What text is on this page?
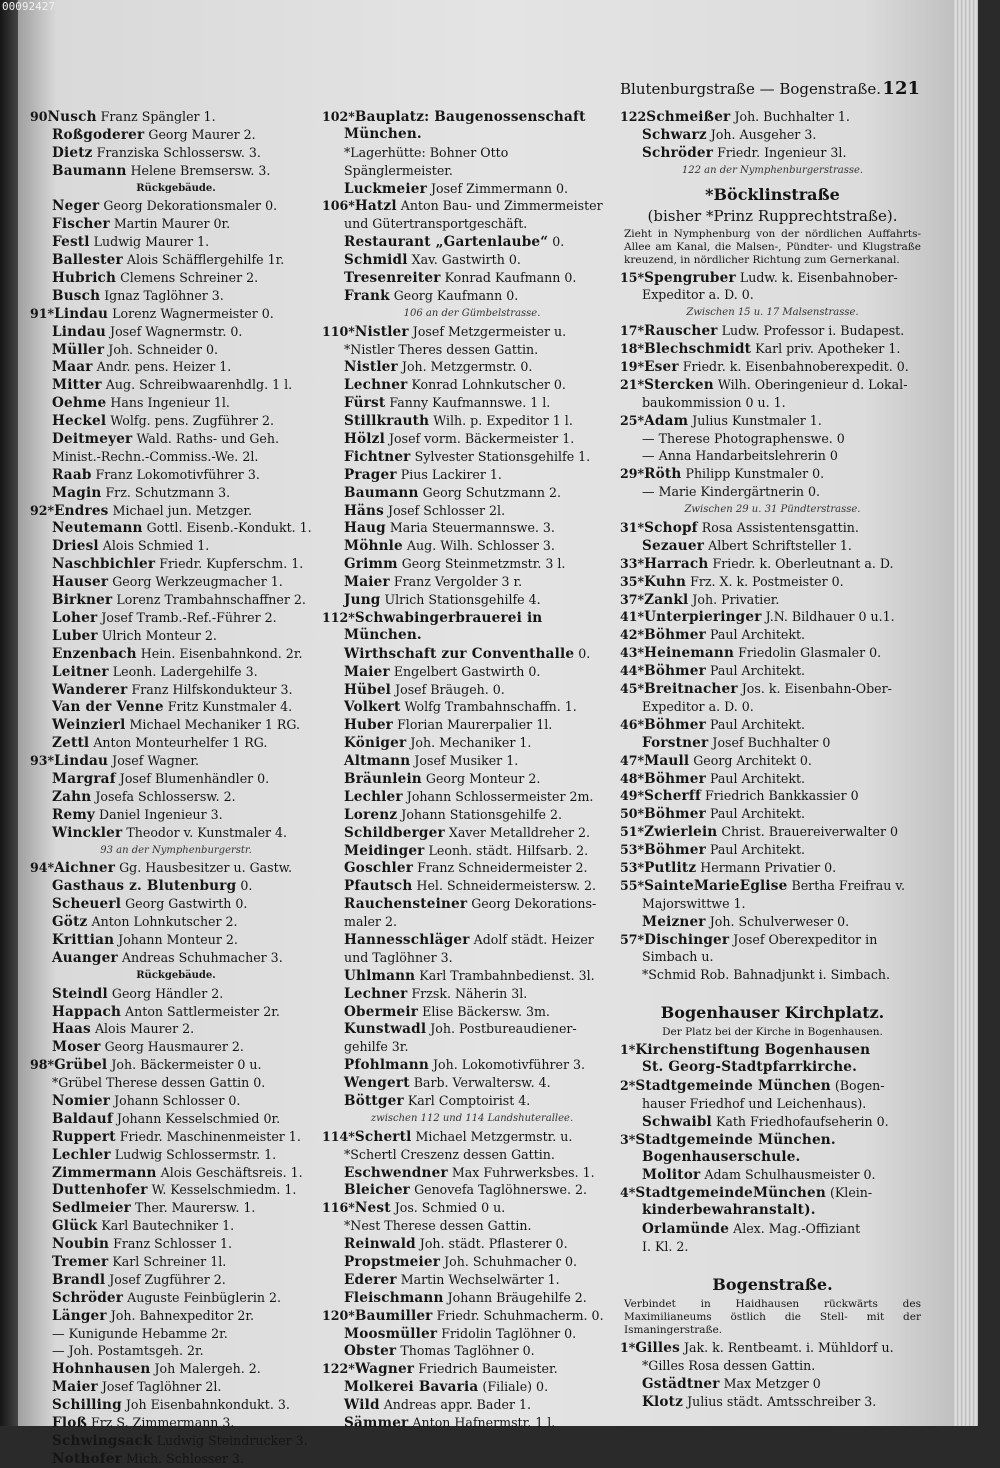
00092427
Blutenburgstraße — Bogenstraße. 121
90Nusch Franz Spängler 1.
Roßgoderer Georg Maurer 2.
Dietz Franziska Schlossersw. 3.
Baumann Helene Bremsersw. 3.
Rückgebäude.
Neger Georg Dekorationsmaler 0.
Fischer Martin Maurer 0r.
Festl Ludwig Maurer 1.
Ballester Alois Schäfflergehilfe 1r.
Hubrich Clemens Schreiner 2.
Busch Ignaz Taglöhner 3.
91*Lindau Lorenz Wagnermeister 0.
Lindau Josef Wagnermstr. 0.
Müller Joh. Schneider 0.
Maar Andr. pens. Heizer 1.
Mitter Aug. Schreibwaarenhdlg. 1 l.
Oehme Hans Ingenieur 1l.
Heckel Wolfg. pens. Zugführer 2.
Deitmeyer Wald. Raths- und Geh.
Minist.-Rechn.-Commiss.-We. 2l.
Raab Franz Lokomotivführer 3.
Magin Frz. Schutzmann 3.
92*Endres Michael jun. Metzger.
Neutemann Gottl. Eisenb.-Kondukt. 1.
Driesl Alois Schmied 1.
Naschbichler Friedr. Kupferschm. 1.
Hauser Georg Werkzeugmacher 1.
Birkner Lorenz Trambahnschaffner 2.
Loher Josef Tramb.-Ref.-Führer 2.
Luber Ulrich Monteur 2.
Enzenbach Hein. Eisenbahnkond. 2r.
Leitner Leonh. Ladergehilfe 3.
Wanderer Franz Hilfskondukteur 3.
Van der Venne Fritz Kunstmaler 4.
Weinzierl Michael Mechaniker 1 RG.
Zettl Anton Monteurhelfer 1 RG.
93*Lindau Josef Wagner.
Margraf Josef Blumenhändler 0.
Zahn Josefa Schlossersw. 2.
Remy Daniel Ingenieur 3.
Winckler Theodor v. Kunstmaler 4.
93 an der Nymphenburgerstr.
94*Aichner Gg. Hausbesitzer u. Gastw.
Gasthaus z. Blutenburg 0.
Scheuerl Georg Gastwirth 0.
Götz Anton Lohnkutscher 2.
Krittian Johann Monteur 2.
Auanger Andreas Schuhmacher 3.
Rückgebäude.
Steindl Georg Händler 2.
Happach Anton Sattlermeister 2r.
Haas Alois Maurer 2.
Moser Georg Hausmaurer 2.
98*Grübel Joh. Bäckermeister 0 u.
*Grübel Therese dessen Gattin 0.
Nomier Johann Schlosser 0.
Baldauf Johann Kesselschmied 0r.
Ruppert Friedr. Maschinenmeister 1.
Lechler Ludwig Schlossermstr. 1.
Zimmermann Alois Geschäftsreis. 1.
Duttenhofer W. Kesselschmiedm. 1.
Sedlmeier Ther. Maurersw. 1.
Glück Karl Bautechniker 1.
Noubin Franz Schlosser 1.
Tremer Karl Schreiner 1l.
Brandl Josef Zugführer 2.
Schröder Auguste Feinbüglerin 2.
Länger Joh. Bahnexpeditor 2r.
— Kunigunde Hebamme 2r.
— Joh. Postamtsgeh. 2r.
Hohnhausen Joh Malergeh. 2.
Maier Josef Taglöhner 2l.
Schilling Joh Eisenbahnkondukt. 3.
Floß Frz S. Zimmermann 3.
Schwingsack Ludwig Steindrucker 3.
Nothofer Mich. Schlosser 3.
102*Bauplatz: Baugenossenschaft
München.
*Lagerhütte: Bohner Otto
Spänglermeister.
Luckmeier Josef Zimmermann 0.
106*Hatzl Anton Bau- und Zimmermeister
und Gütertransportgeschäft.
Restaurant „Gartenlaube“ 0.
Schmidl Xav. Gastwirth 0.
Tresenreiter Konrad Kaufmann 0.
Frank Georg Kaufmann 0.
106 an der Gümbelstrasse.
110*Nistler Josef Metzgermeister u.
*Nistler Theres dessen Gattin.
Nistler Joh. Metzgermstr. 0.
Lechner Konrad Lohnkutscher 0.
Fürst Fanny Kaufmannswe. 1 l.
Stillkrauth Wilh. p. Expeditor 1 l.
Hölzl Josef vorm. Bäckermeister 1.
Fichtner Sylvester Stationsgehilfe 1.
Prager Pius Lackirer 1.
Baumann Georg Schutzmann 2.
Häns Josef Schlosser 2l.
Haug Maria Steuermannswe. 3.
Möhnle Aug. Wilh. Schlosser 3.
Grimm Georg Steinmetzmstr. 3 l.
Maier Franz Vergolder 3 r.
Jung Ulrich Stationsgehilfe 4.
112*Schwabingerbrauerei in
München.
Wirthschaft zur Conventhalle 0.
Maier Engelbert Gastwirth 0.
Hübel Josef Bräugeh. 0.
Volkert Wolfg Trambahnschaffn. 1.
Huber Florian Maurerpalier 1l.
Königer Joh. Mechaniker 1.
Altmann Josef Musiker 1.
Bräunlein Georg Monteur 2.
Lechler Johann Schlossermeister 2m.
Lorenz Johann Stationsgehilfe 2.
Schildberger Xaver Metalldreher 2.
Meidinger Leonh. städt. Hilfsarb. 2.
Goschler Franz Schneidermeister 2.
Pfautsch Hel. Schneidermeistersw. 2.
Rauchensteiner Georg Dekorations-
maler 2.
Hannesschläger Adolf städt. Heizer
und Taglöhner 3.
Uhlmann Karl Trambahnbedienst. 3l.
Lechner Frzsk. Näherin 3l.
Obermeir Elise Bäckersw. 3m.
Kunstwadl Joh. Postbureaudiener-
gehilfe 3r.
Pfohlmann Joh. Lokomotivführer 3.
Wengert Barb. Verwaltersw. 4.
Böttger Karl Comptoirist 4.
zwischen 112 und 114 Landshuterallee.
114*Schertl Michael Metzgermstr. u.
*Schertl Creszenz dessen Gattin.
Eschwendner Max Fuhrwerksbes. 1.
Bleicher Genovefa Taglöhnerswe. 2.
116*Nest Jos. Schmied 0 u.
*Nest Therese dessen Gattin.
Reinwald Joh. städt. Pflasterer 0.
Propstmeier Joh. Schuhmacher 0.
Ederer Martin Wechselwärter 1.
Fleischmann Johann Bräugehilfe 2.
120*Baumiller Friedr. Schuhmacherm. 0.
Moosmüller Fridolin Taglöhner 0.
Obster Thomas Taglöhner 0.
122*Wagner Friedrich Baumeister.
Molkerei Bavaria (Filiale) 0.
Wild Andreas appr. Bader 1.
Sämmer Anton Hafnermstr. 1 l.
122Schmeißer Joh. Buchhalter 1.
Schwarz Joh. Ausgeher 3.
Schröder Friedr. Ingenieur 3l.
122 an der Nymphenburgerstrasse.
*Böcklinstraße
(bisher *Prinz Rupprechtstraße).
Zieht in Nymphenburg von der nördlichen Auffahrts-Allee am Kanal, die Malsen-, Pündter- und Klugstraße kreuzend, in nördlicher Richtung zum Gernerkanal.
15*Spengruber Ludw. k. Eisenbahnober-
Expeditor a. D. 0.
Zwischen 15 u. 17 Malsenstrasse.
17*Rauscher Ludw. Professor i. Budapest.
18*Blechschmidt Karl priv. Apotheker 1.
19*Eser Friedr. k. Eisenbahnoberexpedit. 0.
21*Stercken Wilh. Oberingenieur d. Lokal-
baukommission 0 u. 1.
25*Adam Julius Kunstmaler 1.
— Therese Photographenswe. 0
— Anna Handarbeitslehrerin 0
29*Röth Philipp Kunstmaler 0.
— Marie Kindergärtnerin 0.
Zwischen 29 u. 31 Pündterstrasse.
31*Schopf Rosa Assistentensgattin.
Sezauer Albert Schriftsteller 1.
33*Harrach Friedr. k. Oberleutnant a. D.
35*Kuhn Frz. X. k. Postmeister 0.
37*Zankl Joh. Privatier.
41*Unterpieringer J.N. Bildhauer 0 u.1.
42*Böhmer Paul Architekt.
43*Heinemann Friedolin Glasmaler 0.
44*Böhmer Paul Architekt.
45*Breitnacher Jos. k. Eisenbahn-Ober-
Expeditor a. D. 0.
46*Böhmer Paul Architekt.
Forstner Josef Buchhalter 0
47*Maull Georg Architekt 0.
48*Böhmer Paul Architekt.
49*Scherff Friedrich Bankkassier 0
50*Böhmer Paul Architekt.
51*Zwierlein Christ. Brauereiverwalter 0
53*Böhmer Paul Architekt.
53*Putlitz Hermann Privatier 0.
55*SainteMarieEglise Bertha Freifrau v.
Majorswittwe 1.
Meizner Joh. Schulverweser 0.
57*Dischinger Josef Oberexpeditor in
Simbach u.
*Schmid Rob. Bahnadjunkt i. Simbach.
Bogenhauser Kirchplatz.
Der Platz bei der Kirche in Bogenhausen.
1*Kirchenstiftung Bogenhausen
St. Georg-Stadtpfarrkirche.
2*Stadtgemeinde München (Bogen-
hauser Friedhof und Leichenhaus).
Schwaibl Kath Friedhofaufseherin 0.
3*Stadtgemeinde München.
Bogenhauserschule.
Molitor Adam Schulhausmeister 0.
4*StadtgemeindeMünchen (Klein-
kinderbewahranstalt).
Orlamünde Alex. Mag.-Offiziant
I. Kl. 2.
Bogenstraße.
Verbindet in Haidhausen rückwärts des Maximilianeums östlich die Stell- mit der Ismaningerstraße.
1*Gilles Jak. k. Rentbeamt. i. Mühldorf u.
*Gilles Rosa dessen Gattin.
Gstädtner Max Metzger 0
Klotz Julius städt. Amtsschreiber 3.
